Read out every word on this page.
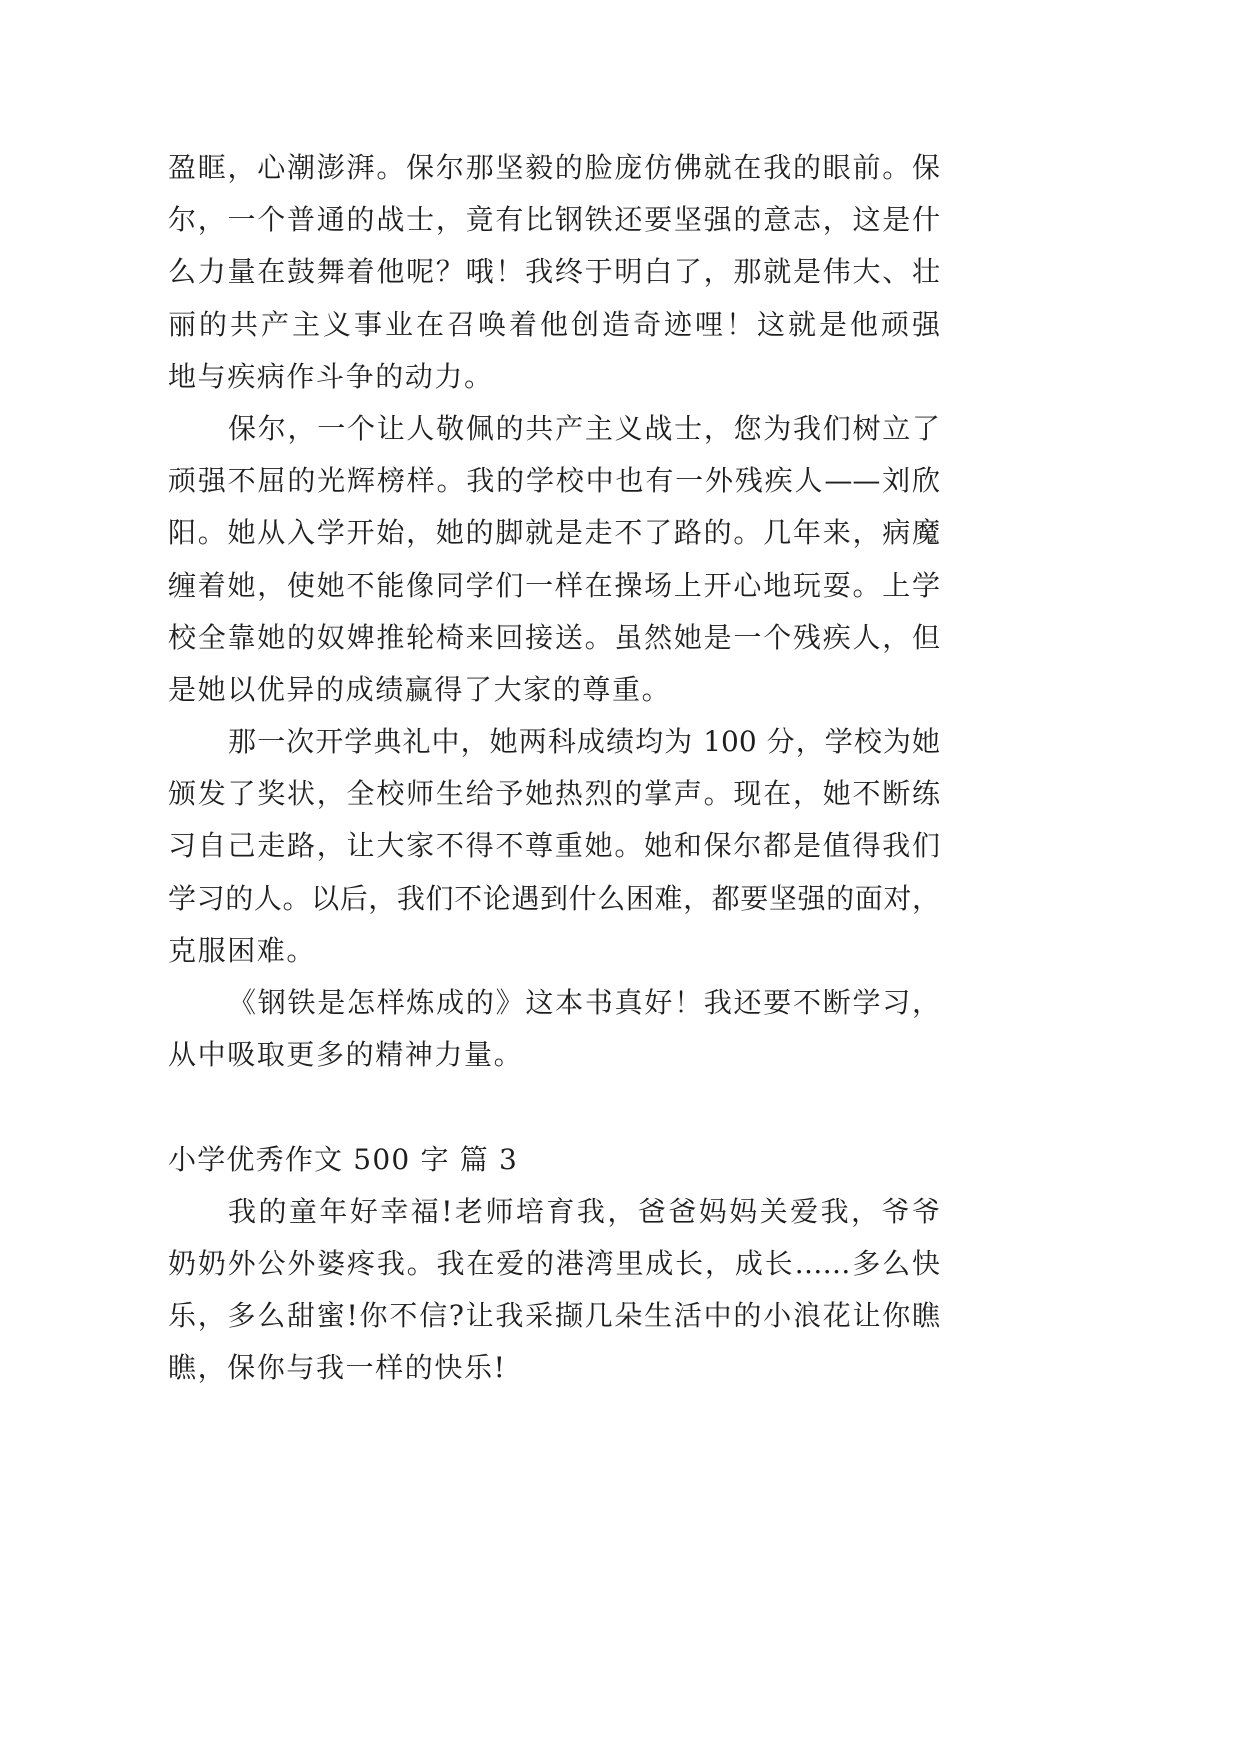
盈眶，心潮澎湃。保尔那坚毅的脸庞仿佛就在我的眼前。保
尔，一个普通的战士，竟有比钢铁还要坚强的意志，这是什
么力量在鼓舞着他呢？哦！我终于明白了，那就是伟大、壮
丽的共产主义事业在召唤着他创造奇迹哩！这就是他顽强
地与疾病作斗争的动力。
保尔，一个让人敬佩的共产主义战士，您为我们树立了
顽强不屈的光辉榜样。我的学校中也有一外残疾人——刘欣
阳。她从入学开始，她的脚就是走不了路的。几年来，病魔
缠着她，使她不能像同学们一样在操场上开心地玩耍。上学
校全靠她的奴婢推轮椅来回接送。虽然她是一个残疾人，但
是她以优异的成绩赢得了大家的尊重。
那一次开学典礼中，她两科成绩均为 100 分，学校为她
颁发了奖状，全校师生给予她热烈的掌声。现在，她不断练
习自己走路，让大家不得不尊重她。她和保尔都是值得我们
学习的人。以后，我们不论遇到什么困难，都要坚强的面对，
克服困难。
《钢铁是怎样炼成的》这本书真好！我还要不断学习，
从中吸取更多的精神力量。
小学优秀作文 500 字 篇 3
我的童年好幸福!老师培育我，爸爸妈妈关爱我，爷爷
奶奶外公外婆疼我。我在爱的港湾里成长，成长……多么快
乐，多么甜蜜!你不信?让我采撷几朵生活中的小浪花让你瞧
瞧，保你与我一样的快乐!
